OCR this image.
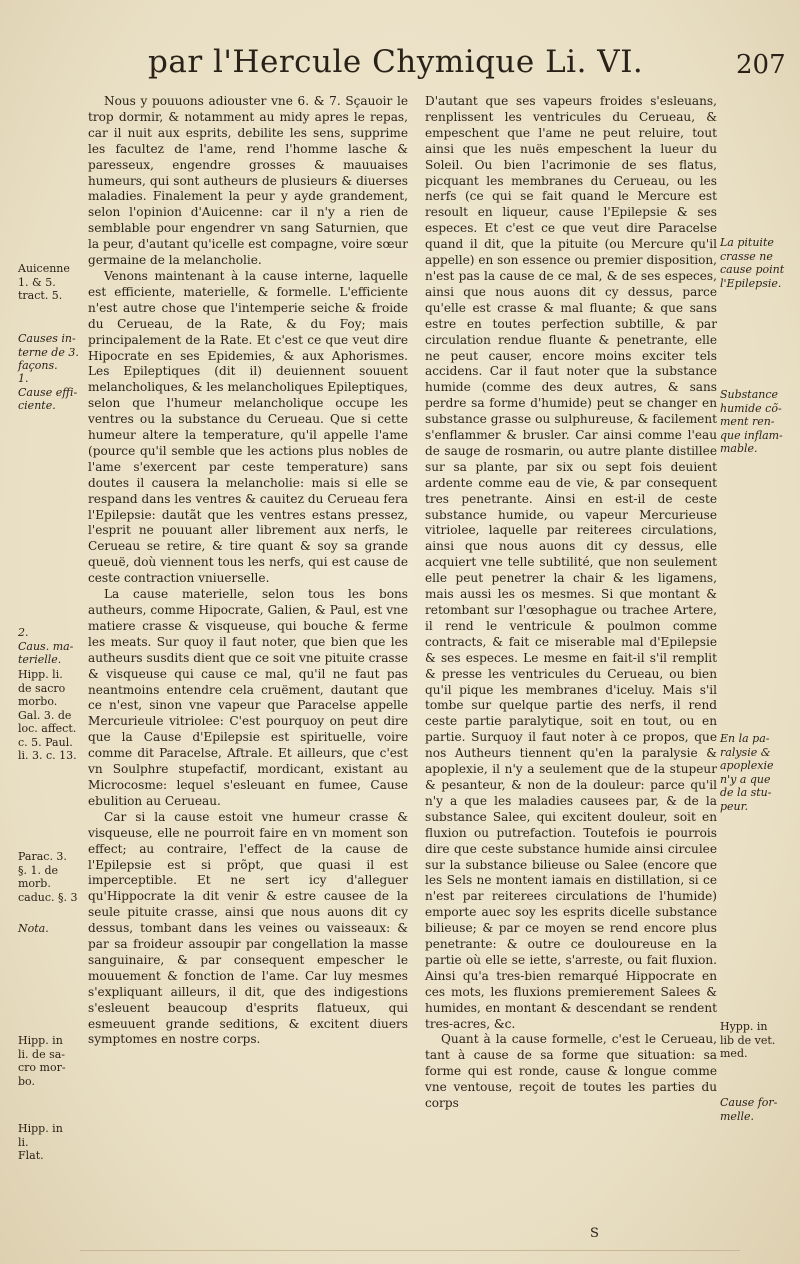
par l'Hercule Chymique Li. VI.	207
Auicenne
1. & 5.
tract. 5.
Causes in-
terne de 3.
façons.
1.
Cause effi-
ciente.
2.
Caus. ma-
terielle.
Hipp. li.
de sacro
morbo.
Gal. 3. de
loc. affect.
c. 5. Paul.
li. 3. c. 13.
Parac. 3.
§. 1. de
morb.
caduc. §. 3
Nota.
Hipp. in
li. de sa-
cro mor-
bo.
Hipp. in
li.
Flat.

Nous y pouuons adiouster vne 6. & 7. Sçauoir le trop dormir, & notamment au midy apres le repas, car il nuit aux esprits, debilite les sens, supprime les facultez de l'ame, rend l'homme lasche & paresseux, engendre grosses & mauuaises humeurs, qui sont autheurs de plusieurs & diuerses maladies. Finalement la peur y ayde grandement, selon l'opinion d'Auicenne: car il n'y a rien de semblable pour engendrer vn sang Saturnien, que la peur, d'autant qu'icelle est compagne, voire sœur germaine de la melancholie.

Venons maintenant à la cause interne, laquelle est efficiente, materielle, & formelle. L'efficiente n'est autre chose que l'intemperie seiche & froide du Cerueau, de la Rate, & du Foy; mais principalement de la Rate. Et c'est ce que veut dire Hipocrate en ses Epidemies, & aux Aphorismes. Les Epileptiques (dit il) deuiennent souuent melancholiques, & les melancholiques Epileptiques, selon que l'humeur melancholique occupe les ventres ou la substance du Cerueau. Que si cette humeur altere la temperature, qu'il appelle l'ame (pource qu'il semble que les actions plus nobles de l'ame s'exercent par ceste temperature) sans doutes il causera la melancholie: mais si elle se respand dans les ventres & cauitez du Cerueau fera l'Epilepsie: dautãt que les ventres estans pressez, l'esprit ne pouuant aller librement aux nerfs, le Cerueau se retire, & tire quant & soy sa grande queuë, doù viennent tous les nerfs, qui est cause de ceste contraction vniuerselle.

La cause materielle, selon tous les bons autheurs, comme Hipocrate, Galien, & Paul, est vne matiere crasse & visqueuse, qui bouche & ferme les meats. Sur quoy il faut noter, que bien que les autheurs susdits dient que ce soit vne pituite crasse & visqueuse qui cause ce mal, qu'il ne faut pas neantmoins entendre cela cruëment, dautant que ce n'est, sinon vne vapeur que Paracelse appelle Mercurieule vitriolee: C'est pourquoy on peut dire que la Cause d'Epilepsie est spirituelle, voire comme dit Paracelse, Aftrale. Et ailleurs, que c'est vn Soulphre stupefactif, mordicant, existant au Microcosme: lequel s'esleuant en fumee, Cause ebulition au Cerueau.

Car si la cause estoit vne humeur crasse & visqueuse, elle ne pourroit faire en vn moment son effect; au contraire, l'effect de la cause de l'Epilepsie est si prõpt, que quasi il est imperceptible. Et ne sert icy d'alleguer qu'Hippocrate la dit venir & estre causee de la seule pituite crasse, ainsi que nous auons dit cy dessus, tombant dans les veines ou vaisseaux: & par sa froideur assoupir par congellation la masse sanguinaire, & par consequent empescher le mouuement & fonction de l'ame. Car luy mesmes s'expliquant ailleurs, il dit, que des indigestions s'esleuent beaucoup d'esprits flatueux, qui esmeuuent grande seditions, & excitent diuers symptomes en nostre corps.

D'autant que ses vapeurs froides s'esleuans, renplissent les ventricules du Cerueau, & empeschent que l'ame ne peut reluire, tout ainsi que les nuës empeschent la lueur du Soleil. Ou bien l'acrimonie de ses flatus, picquant les membranes du Cerueau, ou les nerfs (ce qui se fait quand le Mercure est resoult en liqueur, cause l'Epilepsie & ses especes. Et c'est ce que veut dire Paracelse quand il dit, que la pituite (ou Mercure qu'il appelle) en son essence ou premier disposition, n'est pas la cause de ce mal, & de ses especes, ainsi que nous auons dit cy dessus, parce qu'elle est crasse & mal fluante; & que sans estre en toutes perfection subtille, & par circulation rendue fluante & penetrante, elle ne peut causer, encore moins exciter tels accidens. Car il faut noter que la substance humide (comme des deux autres, & sans perdre sa forme d'humide) peut se changer en substance grasse ou sulphureuse, & facilement s'enflammer & brusler. Car ainsi comme l'eau de sauge de rosmarin, ou autre plante distillee sur sa plante, par six ou sept fois deuient ardente comme eau de vie, & par consequent tres penetrante. Ainsi en est-il de ceste substance humide, ou vapeur Mercurieuse vitriolee, laquelle par reiterees circulations, ainsi que nous auons dit cy dessus, elle acquiert vne telle subtilité, que non seulement elle peut penetrer la chair & les ligamens, mais aussi les os mesmes. Si que montant & retombant sur l'œsophague ou trachee Artere, il rend le ventricule & poulmon comme contracts, & fait ce miserable mal d'Epilepsie & ses especes. Le mesme en fait-il s'il remplit & presse les ventricules du Cerueau, ou bien qu'il pique les membranes d'iceluy. Mais s'il tombe sur quelque partie des nerfs, il rend ceste partie paralytique, soit en tout, ou en partie. Surquoy il faut noter à ce propos, que nos Autheurs tiennent qu'en la paralysie & apoplexie, il n'y a seulement que de la stupeur & pesanteur, & non de la douleur: parce qu'il n'y a que les maladies causees par, & de la substance Salee, qui excitent douleur, soit en fluxion ou putrefaction. Toutefois ie pourrois dire que ceste substance humide ainsi circulee sur la substance bilieuse ou Salee (encore que les Sels ne montent iamais en distillation, si ce n'est par reiterees circulations de l'humide) emporte auec soy les esprits dicelle substance bilieuse; & par ce moyen se rend encore plus penetrante: & outre ce douloureuse en la partie où elle se iette, s'arreste, ou fait fluxion. Ainsi qu'a tres-bien remarqué Hippocrate en ces mots, les fluxions premierement Salees & humides, en montant & descendant se rendent tres-acres, &c.

Quant à la cause formelle, c'est le Cerueau, tant à cause de sa forme que situation: sa forme qui est ronde, cause & longue comme vne ventouse, reçoit de toutes les parties du corps

La pituite
crasse ne
cause point
l'Epilepsie.
Substance
humide cõ-
ment ren-
que inflam-
mable.
En la pa-
ralysie &
apoplexie
n'y a que
de la stu-
peur.
Hypp. in
lib de vet.
med.
Cause for-
melle.
S
